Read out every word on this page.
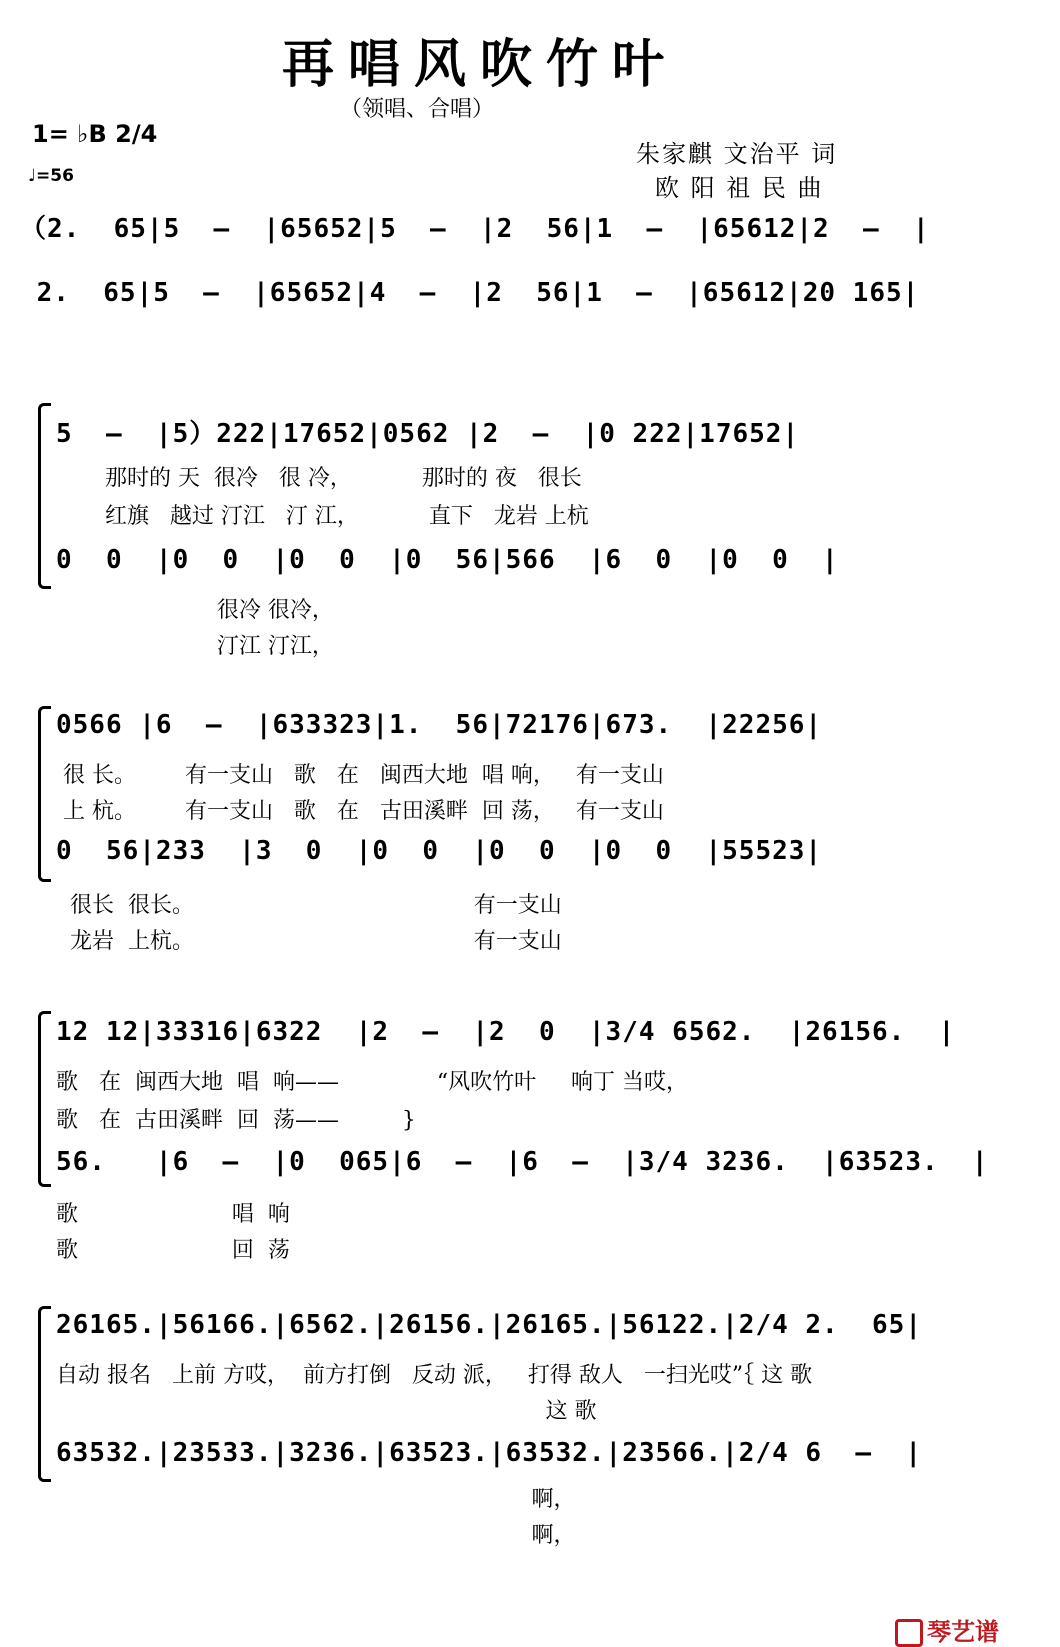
再唱风吹竹叶
（领唱、合唱）
1= ♭B 2/4
♩=56
朱家麒 文治平 词
欧 阳 祖 民 曲
（2.  65|5  –  |65652|5  –  |2  56|1  –  |65612|2  –  |
2.  65|5  –  |65652|4  –  |2  56|1  –  |65612|20 165|
5  –  |5）222|17652|0562 |2  –  |0 222|17652|
那时的 天  很冷   很 冷，          那时的 夜   很长
红旗   越过 汀江   汀 江，          直下   龙岩 上杭
0  0  |0  0  |0  0  |0  56|566  |6  0  |0  0  |
很冷 很冷，
汀江 汀江，
0566 |6  –  |633323|1.  56|72176|673.  |22256|
很 长。       有一支山   歌   在   闽西大地  唱 响，   有一支山
上 杭。       有一支山   歌   在   古田溪畔  回 荡，   有一支山
0  56|233  |3  0  |0  0  |0  0  |0  0  |55523|
很长  很长。                                        有一支山
龙岩  上杭。                                        有一支山
12 12|33316|6322  |2  –  |2  0  |3/4 6562.  |26156.  |
歌   在  闽西大地  唱  响——              “风吹竹叶     响丁 当哎，
歌   在  古田溪畔  回  荡——         }
56.   |6  –  |0  065|6  –  |6  –  |3/4 3236.  |63523.  |
歌                      唱  响
歌                      回  荡
26165.|56166.|6562.|26156.|26165.|56122.|2/4 2.  65|
自动 报名   上前 方哎，  前方打倒   反动 派，   打得 敌人   一扫光哎”｛ 这 歌
这 歌
63532.|23533.|3236.|63523.|63532.|23566.|2/4 6  –  |
啊，
啊，
琴艺谱
